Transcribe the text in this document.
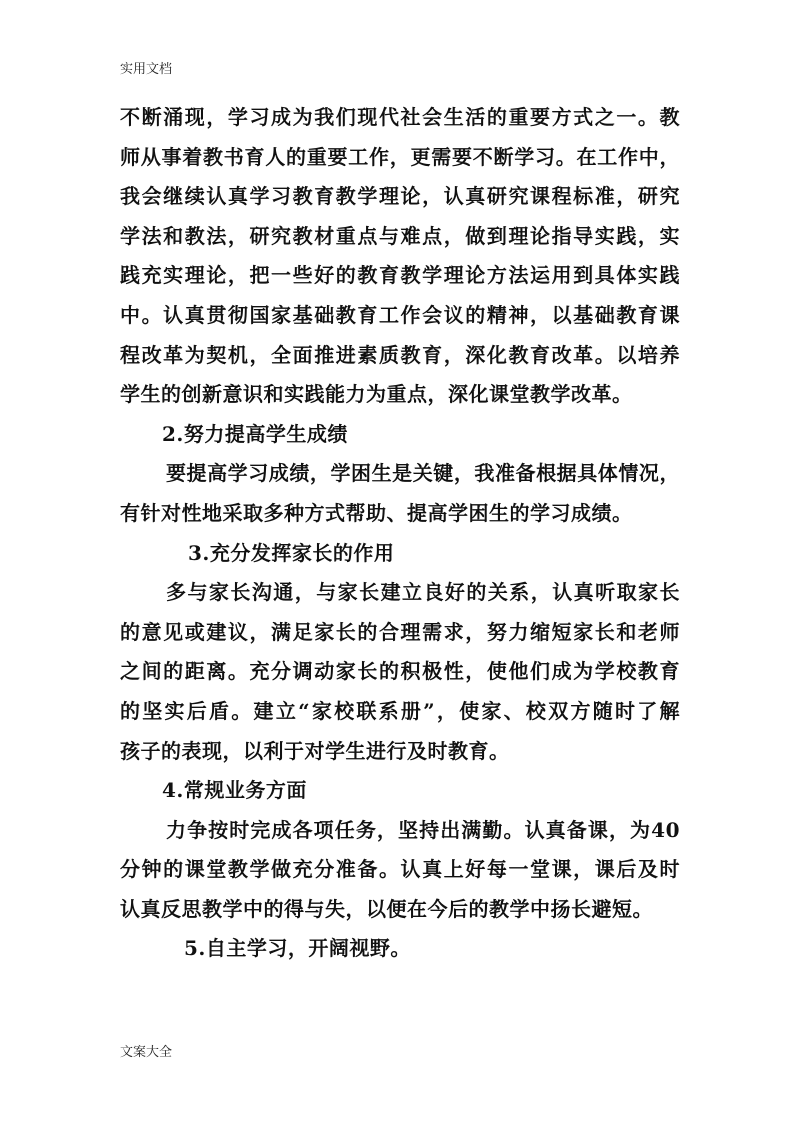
实用文档
不断涌现，学习成为我们现代社会生活的重要方式之一。教
师从事着教书育人的重要工作，更需要不断学习。在工作中，
我会继续认真学习教育教学理论，认真研究课程标准，研究
学法和教法，研究教材重点与难点，做到理论指导实践，实
践充实理论，把一些好的教育教学理论方法运用到具体实践
中。认真贯彻国家基础教育工作会议的精神，以基础教育课
程改革为契机，全面推进素质教育，深化教育改革。以培养
学生的创新意识和实践能力为重点，深化课堂教学改革。
2.努力提高学生成绩
要提高学习成绩，学困生是关键，我准备根据具体情况，
有针对性地采取多种方式帮助、提高学困生的学习成绩。
3.充分发挥家长的作用
多与家长沟通，与家长建立良好的关系，认真听取家长
的意见或建议，满足家长的合理需求，努力缩短家长和老师
之间的距离。充分调动家长的积极性，使他们成为学校教育
的坚实后盾。建立“家校联系册”，使家、校双方随时了解
孩子的表现，以利于对学生进行及时教育。
4.常规业务方面
力争按时完成各项任务，坚持出满勤。认真备课，为40
分钟的课堂教学做充分准备。认真上好每一堂课，课后及时
认真反思教学中的得与失，以便在今后的教学中扬长避短。
5.自主学习，开阔视野。
文案大全
